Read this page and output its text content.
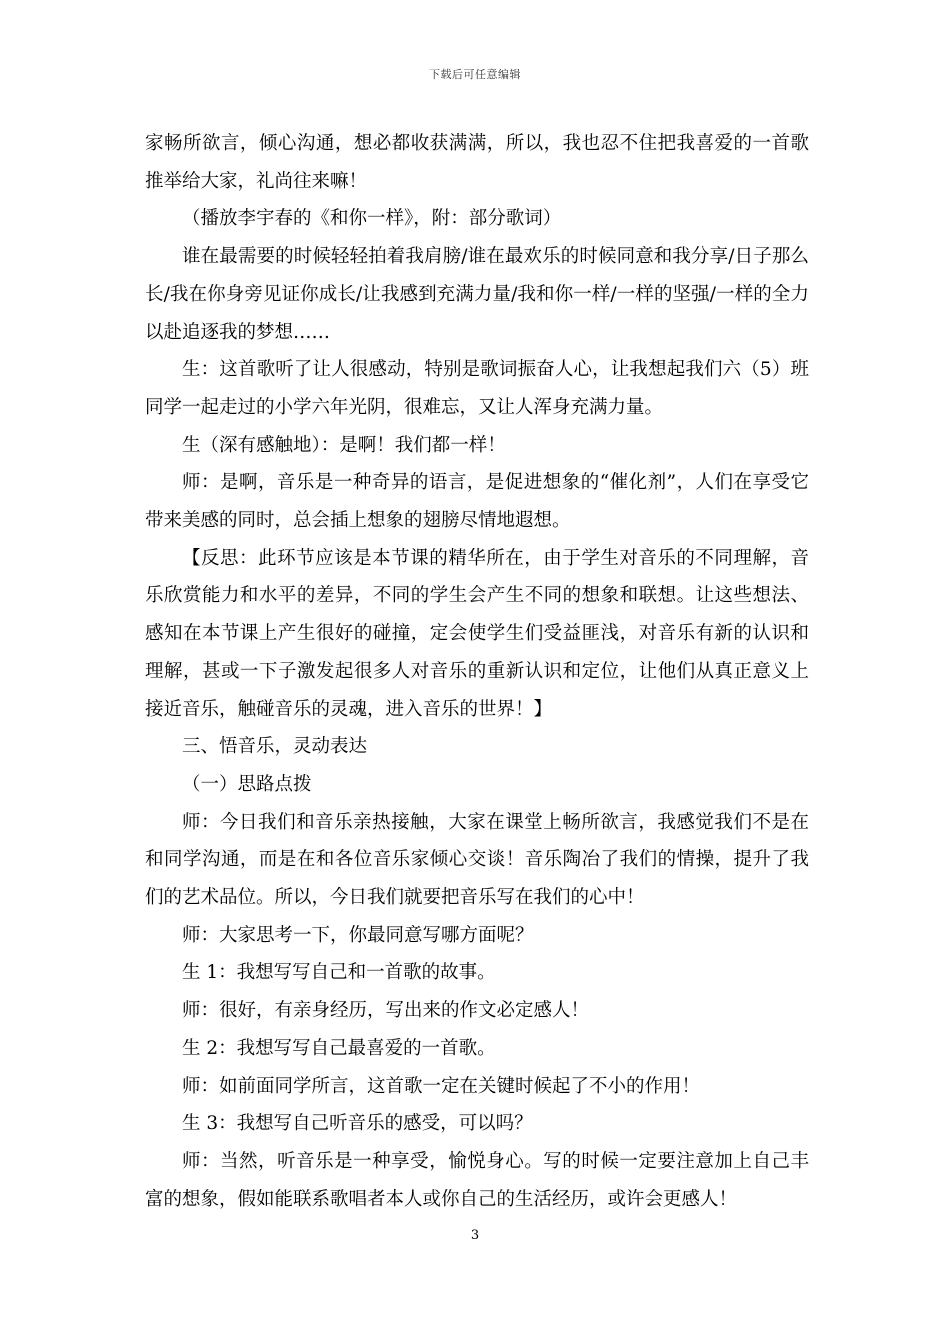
下载后可任意编辑

家畅所欲言，倾心沟通，想必都收获满满，所以，我也忍不住把我喜爱的一首歌推举给大家，礼尚往来嘛！

（播放李宇春的《和你一样》，附：部分歌词）

谁在最需要的时候轻轻拍着我肩膀/谁在最欢乐的时候同意和我分享/日子那么长/我在你身旁见证你成长/让我感到充满力量/我和你一样/一样的坚强/一样的全力以赴追逐我的梦想……

生：这首歌听了让人很感动，特别是歌词振奋人心，让我想起我们六（5）班同学一起走过的小学六年光阴，很难忘，又让人浑身充满力量。

生（深有感触地）：是啊！我们都一样！

师：是啊，音乐是一种奇异的语言，是促进想象的“催化剂”，人们在享受它带来美感的同时，总会插上想象的翅膀尽情地遐想。

【反思：此环节应该是本节课的精华所在，由于学生对音乐的不同理解，音乐欣赏能力和水平的差异，不同的学生会产生不同的想象和联想。让这些想法、感知在本节课上产生很好的碰撞，定会使学生们受益匪浅，对音乐有新的认识和理解，甚或一下子激发起很多人对音乐的重新认识和定位，让他们从真正意义上接近音乐，触碰音乐的灵魂，进入音乐的世界！】

三、悟音乐，灵动表达

（一）思路点拨

师：今日我们和音乐亲热接触，大家在课堂上畅所欲言，我感觉我们不是在和同学沟通，而是在和各位音乐家倾心交谈！音乐陶冶了我们的情操，提升了我们的艺术品位。所以，今日我们就要把音乐写在我们的心中！

师：大家思考一下，你最同意写哪方面呢？

生 1：我想写写自己和一首歌的故事。

师：很好，有亲身经历，写出来的作文必定感人！

生 2：我想写写自己最喜爱的一首歌。

师：如前面同学所言，这首歌一定在关键时候起了不小的作用！

生 3：我想写自己听音乐的感受，可以吗？

师：当然，听音乐是一种享受，愉悦身心。写的时候一定要注意加上自己丰富的想象，假如能联系歌唱者本人或你自己的生活经历，或许会更感人！

3
